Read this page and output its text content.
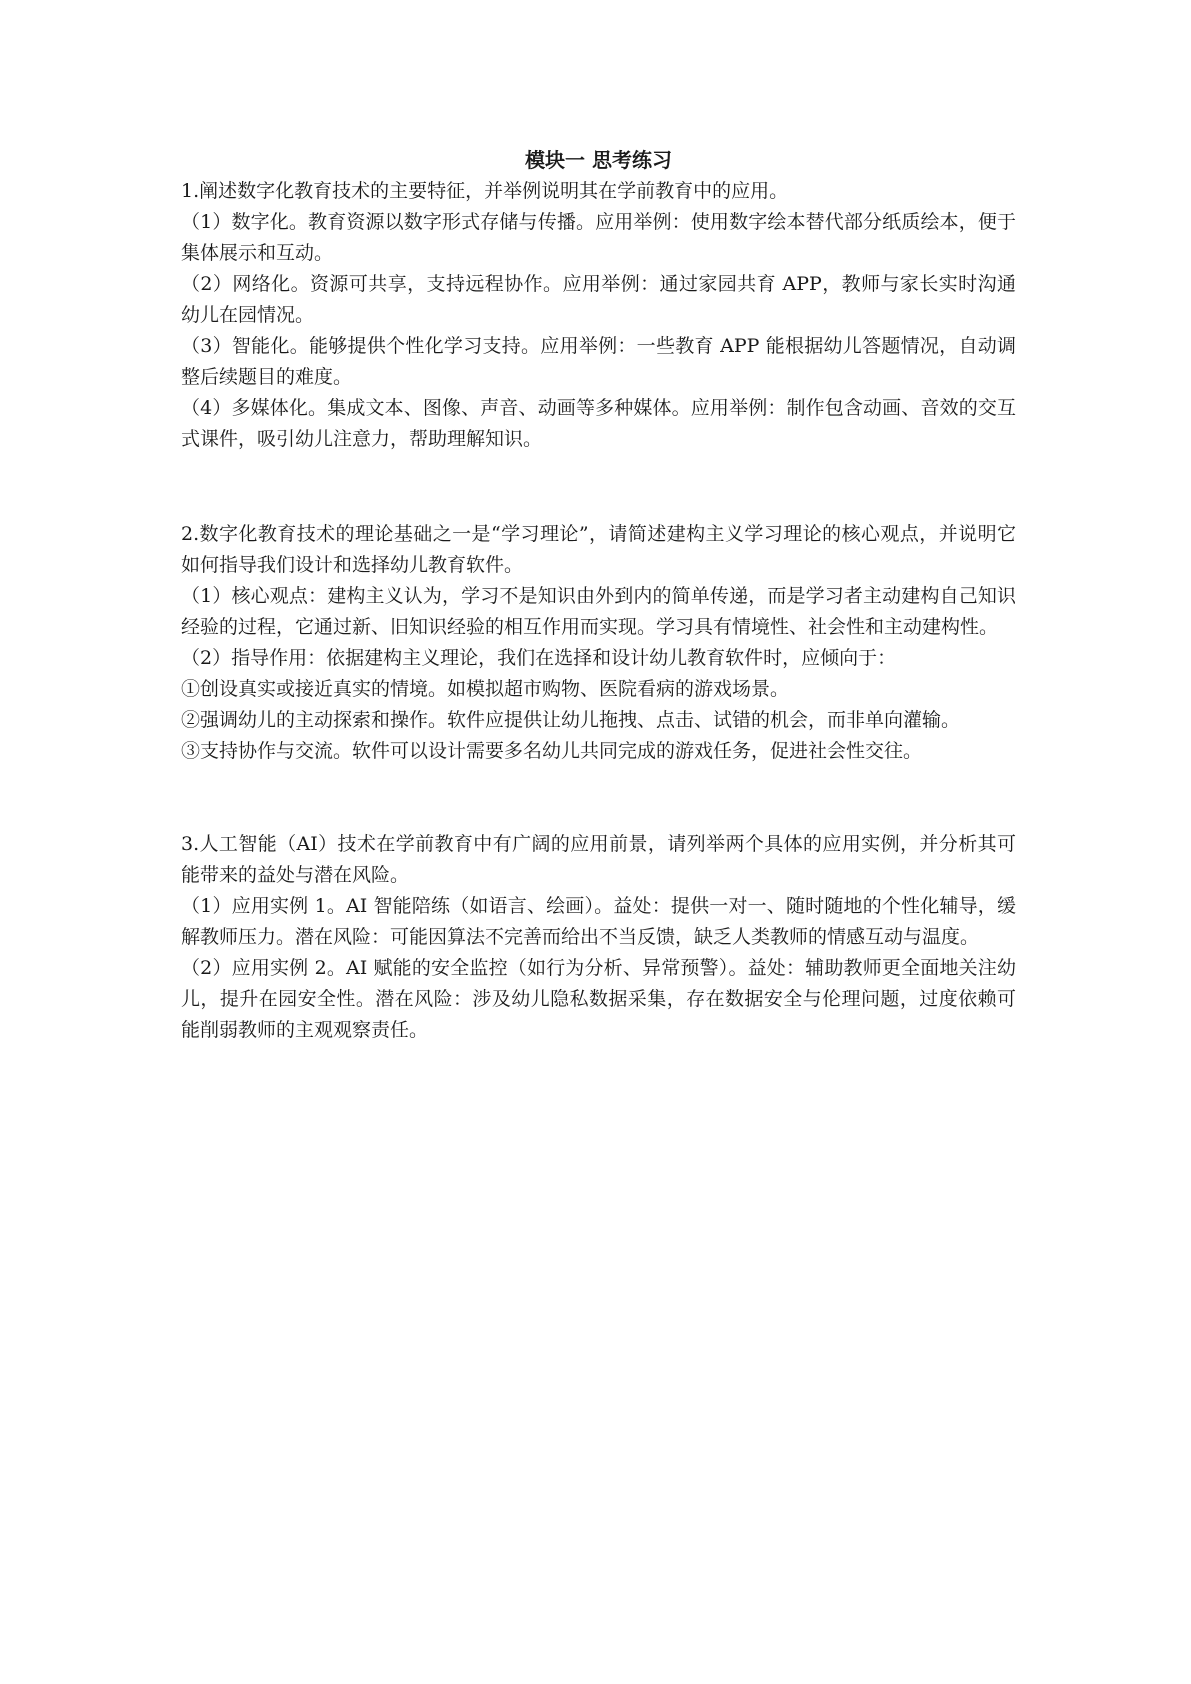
模块一 思考练习

1.阐述数字化教育技术的主要特征，并举例说明其在学前教育中的应用。

（1）数字化。教育资源以数字形式存储与传播。应用举例：使用数字绘本替代部分纸质绘本，便于集体展示和互动。

（2）网络化。资源可共享，支持远程协作。应用举例：通过家园共育 APP，教师与家长实时沟通幼儿在园情况。

（3）智能化。能够提供个性化学习支持。应用举例：一些教育 APP 能根据幼儿答题情况，自动调整后续题目的难度。

（4）多媒体化。集成文本、图像、声音、动画等多种媒体。应用举例：制作包含动画、音效的交互式课件，吸引幼儿注意力，帮助理解知识。

2.数字化教育技术的理论基础之一是“学习理论”，请简述建构主义学习理论的核心观点，并说明它如何指导我们设计和选择幼儿教育软件。

（1）核心观点：建构主义认为，学习不是知识由外到内的简单传递，而是学习者主动建构自己知识经验的过程，它通过新、旧知识经验的相互作用而实现。学习具有情境性、社会性和主动建构性。

（2）指导作用：依据建构主义理论，我们在选择和设计幼儿教育软件时，应倾向于：

①创设真实或接近真实的情境。如模拟超市购物、医院看病的游戏场景。

②强调幼儿的主动探索和操作。软件应提供让幼儿拖拽、点击、试错的机会，而非单向灌输。

③支持协作与交流。软件可以设计需要多名幼儿共同完成的游戏任务，促进社会性交往。

3.人工智能（AI）技术在学前教育中有广阔的应用前景，请列举两个具体的应用实例，并分析其可能带来的益处与潜在风险。

（1）应用实例 1。AI 智能陪练（如语言、绘画）。益处：提供一对一、随时随地的个性化辅导，缓解教师压力。潜在风险：可能因算法不完善而给出不当反馈，缺乏人类教师的情感互动与温度。

（2）应用实例 2。AI 赋能的安全监控（如行为分析、异常预警）。益处：辅助教师更全面地关注幼儿，提升在园安全性。潜在风险：涉及幼儿隐私数据采集，存在数据安全与伦理问题，过度依赖可能削弱教师的主观观察责任。
